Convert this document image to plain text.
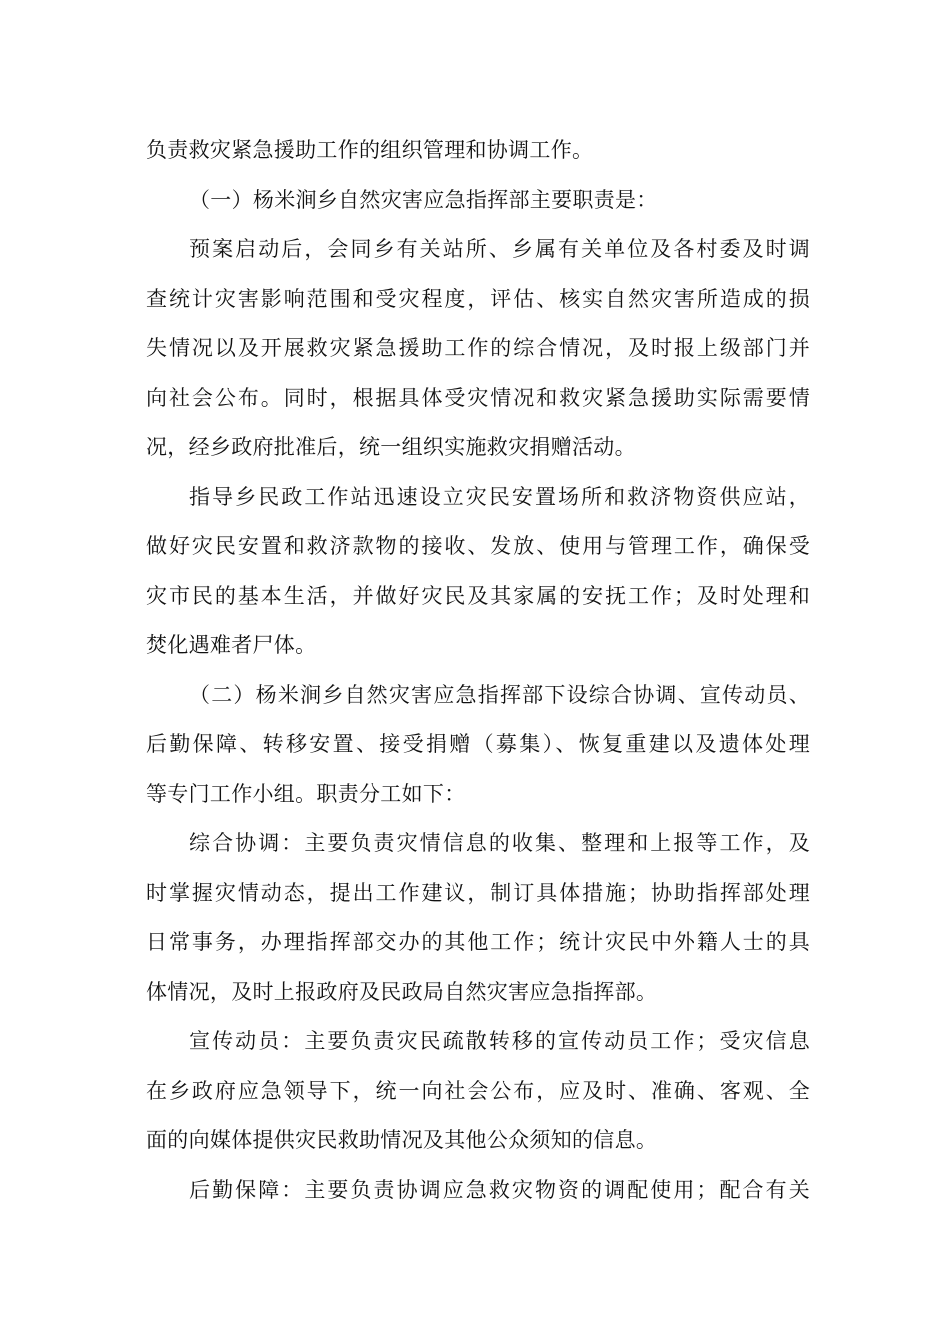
负责救灾紧急援助工作的组织管理和协调工作。

（一）杨米涧乡自然灾害应急指挥部主要职责是：

预案启动后，会同乡有关站所、乡属有关单位及各村委及时调
查统计灾害影响范围和受灾程度，评估、核实自然灾害所造成的损
失情况以及开展救灾紧急援助工作的综合情况，及时报上级部门并
向社会公布。同时，根据具体受灾情况和救灾紧急援助实际需要情
况，经乡政府批准后，统一组织实施救灾捐赠活动。

指导乡民政工作站迅速设立灾民安置场所和救济物资供应站，
做好灾民安置和救济款物的接收、发放、使用与管理工作，确保受
灾市民的基本生活，并做好灾民及其家属的安抚工作；及时处理和
焚化遇难者尸体。

（二）杨米涧乡自然灾害应急指挥部下设综合协调、宣传动员、
后勤保障、转移安置、接受捐赠（募集）、恢复重建以及遗体处理
等专门工作小组。职责分工如下：

综合协调：主要负责灾情信息的收集、整理和上报等工作，及
时掌握灾情动态，提出工作建议，制订具体措施；协助指挥部处理
日常事务，办理指挥部交办的其他工作；统计灾民中外籍人士的具
体情况，及时上报政府及民政局自然灾害应急指挥部。

宣传动员：主要负责灾民疏散转移的宣传动员工作；受灾信息
在乡政府应急领导下，统一向社会公布，应及时、准确、客观、全
面的向媒体提供灾民救助情况及其他公众须知的信息。

后勤保障：主要负责协调应急救灾物资的调配使用；配合有关
